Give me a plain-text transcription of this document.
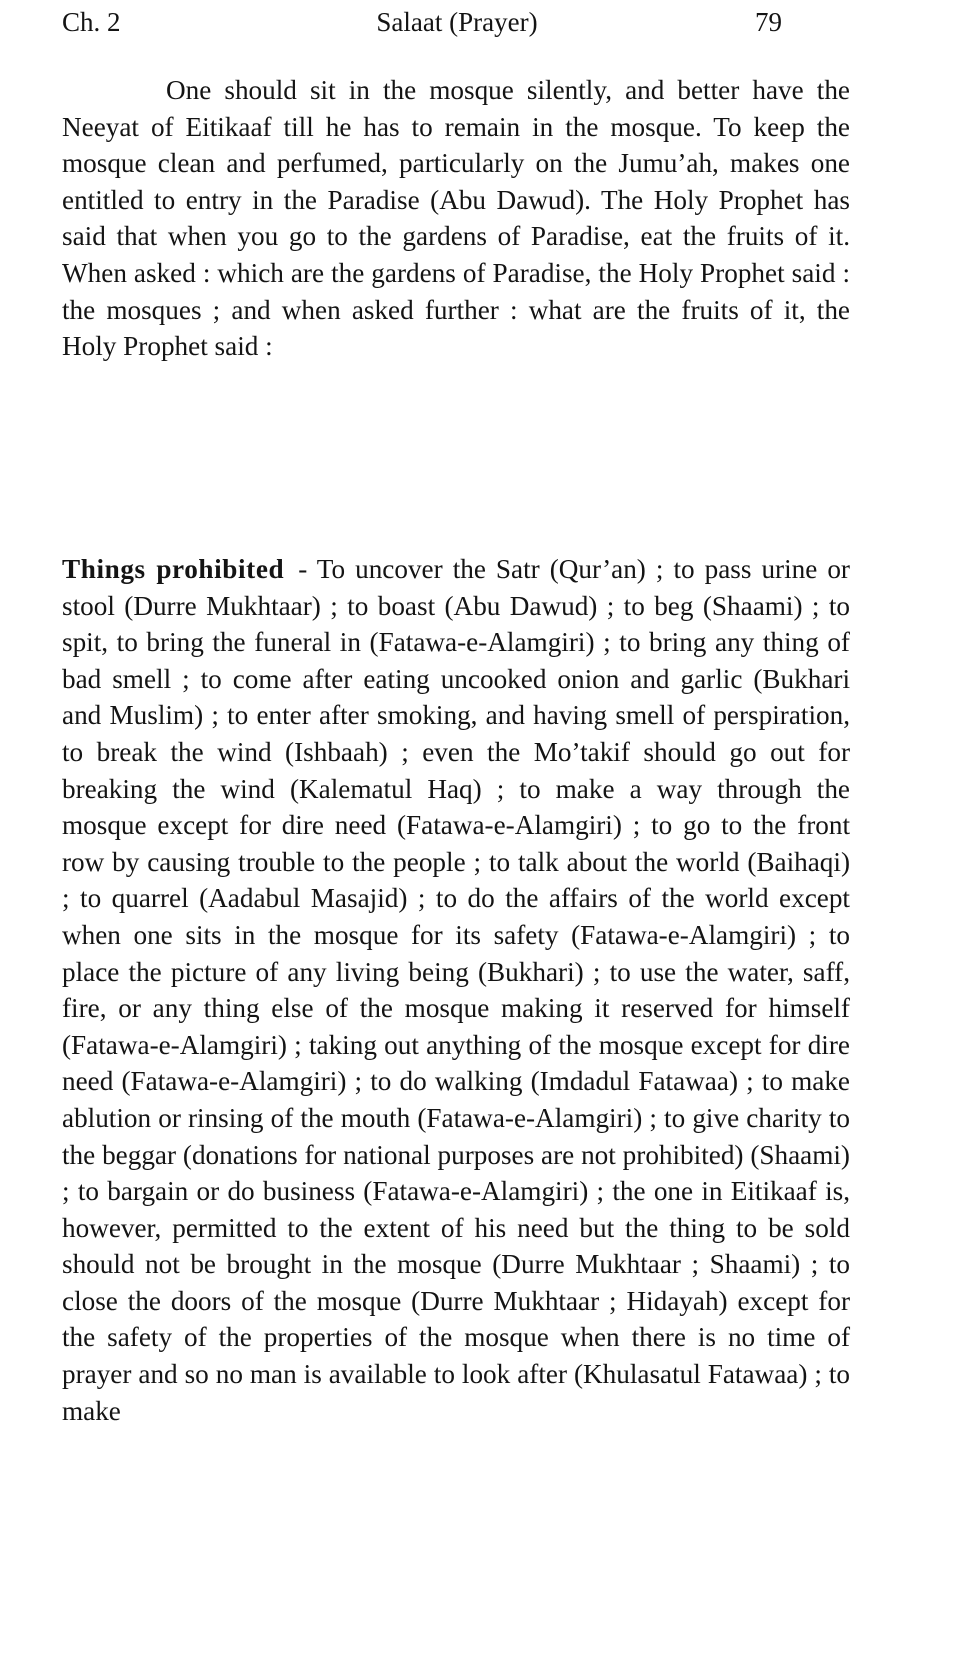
Ch. 2	Salaat (Prayer)	79

One should sit in the mosque silently, and better have the Neeyat of Eitikaaf till he has to remain in the mosque. To keep the mosque clean and perfumed, particularly on the Jumu’ah, makes one entitled to entry in the Paradise (Abu Dawud). The Holy Prophet has said that when you go to the gardens of Paradise, eat the fruits of it. When asked : which are the gardens of Paradise, the Holy Prophet said : the mosques ; and when asked further : what are the fruits of it, the Holy Prophet said :

Things prohibited - To uncover the Satr (Qur’an) ; to pass urine or stool (Durre Mukhtaar) ; to boast (Abu Dawud) ; to beg (Shaami) ; to spit, to bring the funeral in (Fatawa-e-Alamgiri) ; to bring any thing of bad smell ; to come after eating uncooked onion and garlic (Bukhari and Muslim) ; to enter after smoking, and having smell of perspiration, to break the wind (Ishbaah) ; even the Mo’takif should go out for breaking the wind (Kalematul Haq) ; to make a way through the mosque except for dire need (Fatawa-e-Alamgiri) ; to go to the front row by causing trouble to the people ; to talk about the world (Baihaqi) ; to quarrel (Aadabul Masajid) ; to do the affairs of the world except when one sits in the mosque for its safety (Fatawa-e-Alamgiri) ; to place the picture of any living being (Bukhari) ; to use the water, saff, fire, or any thing else of the mosque making it reserved for himself (Fatawa-e-Alamgiri) ; taking out anything of the mosque except for dire need (Fatawa-e-Alamgiri) ; to do walking (Imdadul Fatawaa) ; to make ablution or rinsing of the mouth (Fatawa-e-Alamgiri) ; to give charity to the beggar (donations for national purposes are not prohibited) (Shaami) ; to bargain or do business (Fatawa-e-Alamgiri) ; the one in Eitikaaf is, however, permitted to the extent of his need but the thing to be sold should not be brought in the mosque (Durre Mukhtaar ; Shaami) ; to close the doors of the mosque (Durre Mukhtaar ; Hidayah) except for the safety of the properties of the mosque when there is no time of prayer and so no man is available to look after (Khulasatul Fatawaa) ; to make
